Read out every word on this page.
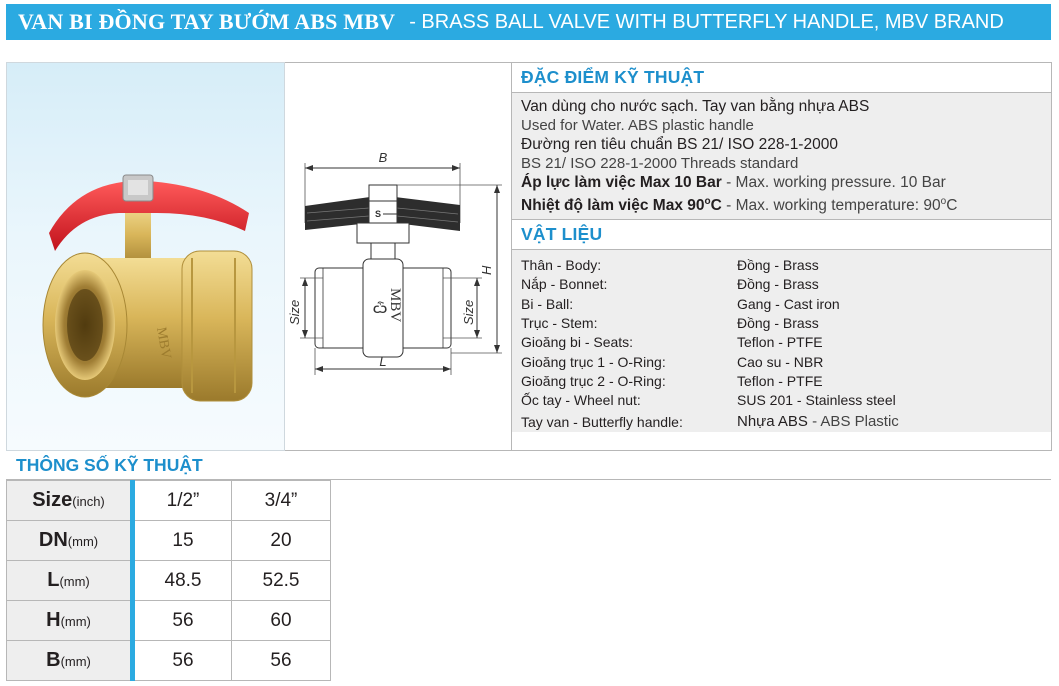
VAN BI ĐỒNG TAY BƯỚM ABS MBV - BRASS BALL VALVE WITH BUTTERFLY HANDLE, MBV BRAND
MBV
B
S
Ѽ MBV
H
Size	Size
L
ĐẶC ĐIỂM KỸ THUẬT
Van dùng cho nước sạch. Tay van bằng nhựa ABS
Used for Water. ABS plastic handle
Đường ren tiêu chuẩn BS 21/ ISO 228-1-2000
BS 21/ ISO 228-1-2000 Threads standard
Áp lực làm việc Max 10 Bar - Max. working pressure. 10 Bar
Nhiệt độ làm việc Max 90$^o$C - Max. working temperature: 90$^o$C
VẬT LIỆU
Thân - Body:	Đồng - Brass
Nắp - Bonnet:	Đồng - Brass
Bi - Ball:	Gang - Cast iron
Trục - Stem:	Đồng - Brass
Gioăng bi - Seats:	Teflon - PTFE
Gioăng trục 1 - O-Ring:	Cao su - NBR
Gioăng trục 2 - O-Ring:	Teflon - PTFE
Ốc tay - Wheel nut:	SUS 201 - Stainless steel
Tay van - Butterfly handle:	Nhựa ABS - ABS Plastic
THÔNG SỐ KỸ THUẬT
Size(inch)	1/2”	3/4”
DN(mm)	15	20
L(mm)	48.5	52.5
H(mm)	56	60
B(mm)	56	56
